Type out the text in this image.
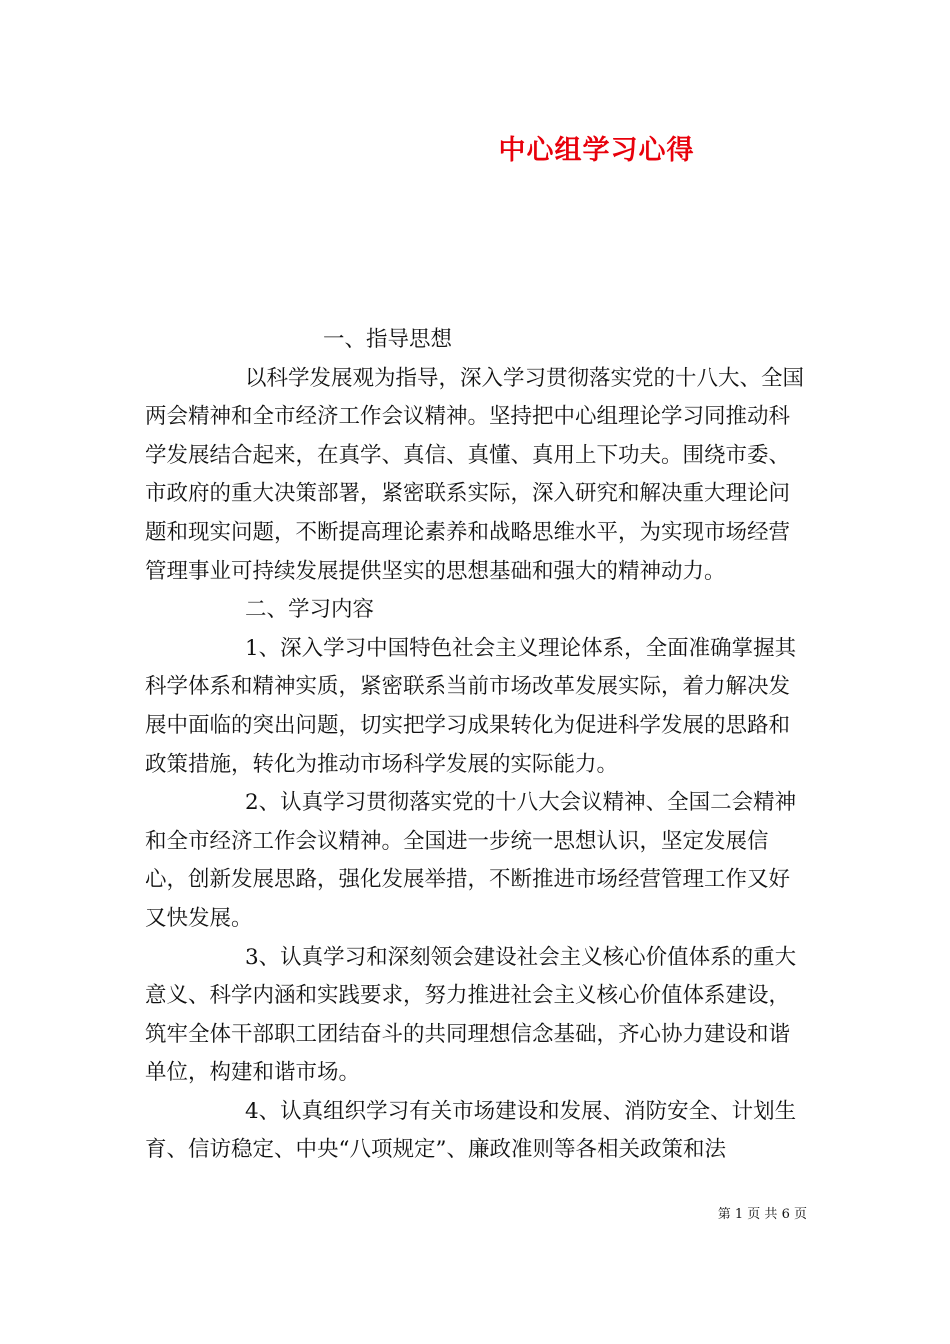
中心组学习心得

一、指导思想

以科学发展观为指导，深入学习贯彻落实党的十八大、全国两会精神和全市经济工作会议精神。坚持把中心组理论学习同推动科学发展结合起来，在真学、真信、真懂、真用上下功夫。围绕市委、市政府的重大决策部署，紧密联系实际，深入研究和解决重大理论问题和现实问题，不断提高理论素养和战略思维水平，为实现市场经营管理事业可持续发展提供坚实的思想基础和强大的精神动力。

二、学习内容

1、深入学习中国特色社会主义理论体系，全面准确掌握其科学体系和精神实质，紧密联系当前市场改革发展实际，着力解决发展中面临的突出问题，切实把学习成果转化为促进科学发展的思路和政策措施，转化为推动市场科学发展的实际能力。

2、认真学习贯彻落实党的十八大会议精神、全国二会精神和全市经济工作会议精神。全国进一步统一思想认识，坚定发展信心，创新发展思路，强化发展举措，不断推进市场经营管理工作又好又快发展。

3、认真学习和深刻领会建设社会主义核心价值体系的重大意义、科学内涵和实践要求，努力推进社会主义核心价值体系建设，筑牢全体干部职工团结奋斗的共同理想信念基础，齐心协力建设和谐单位，构建和谐市场。

4、认真组织学习有关市场建设和发展、消防安全、计划生育、信访稳定、中央“八项规定”、廉政准则等各相关政策和法

第 1 页 共 6 页
